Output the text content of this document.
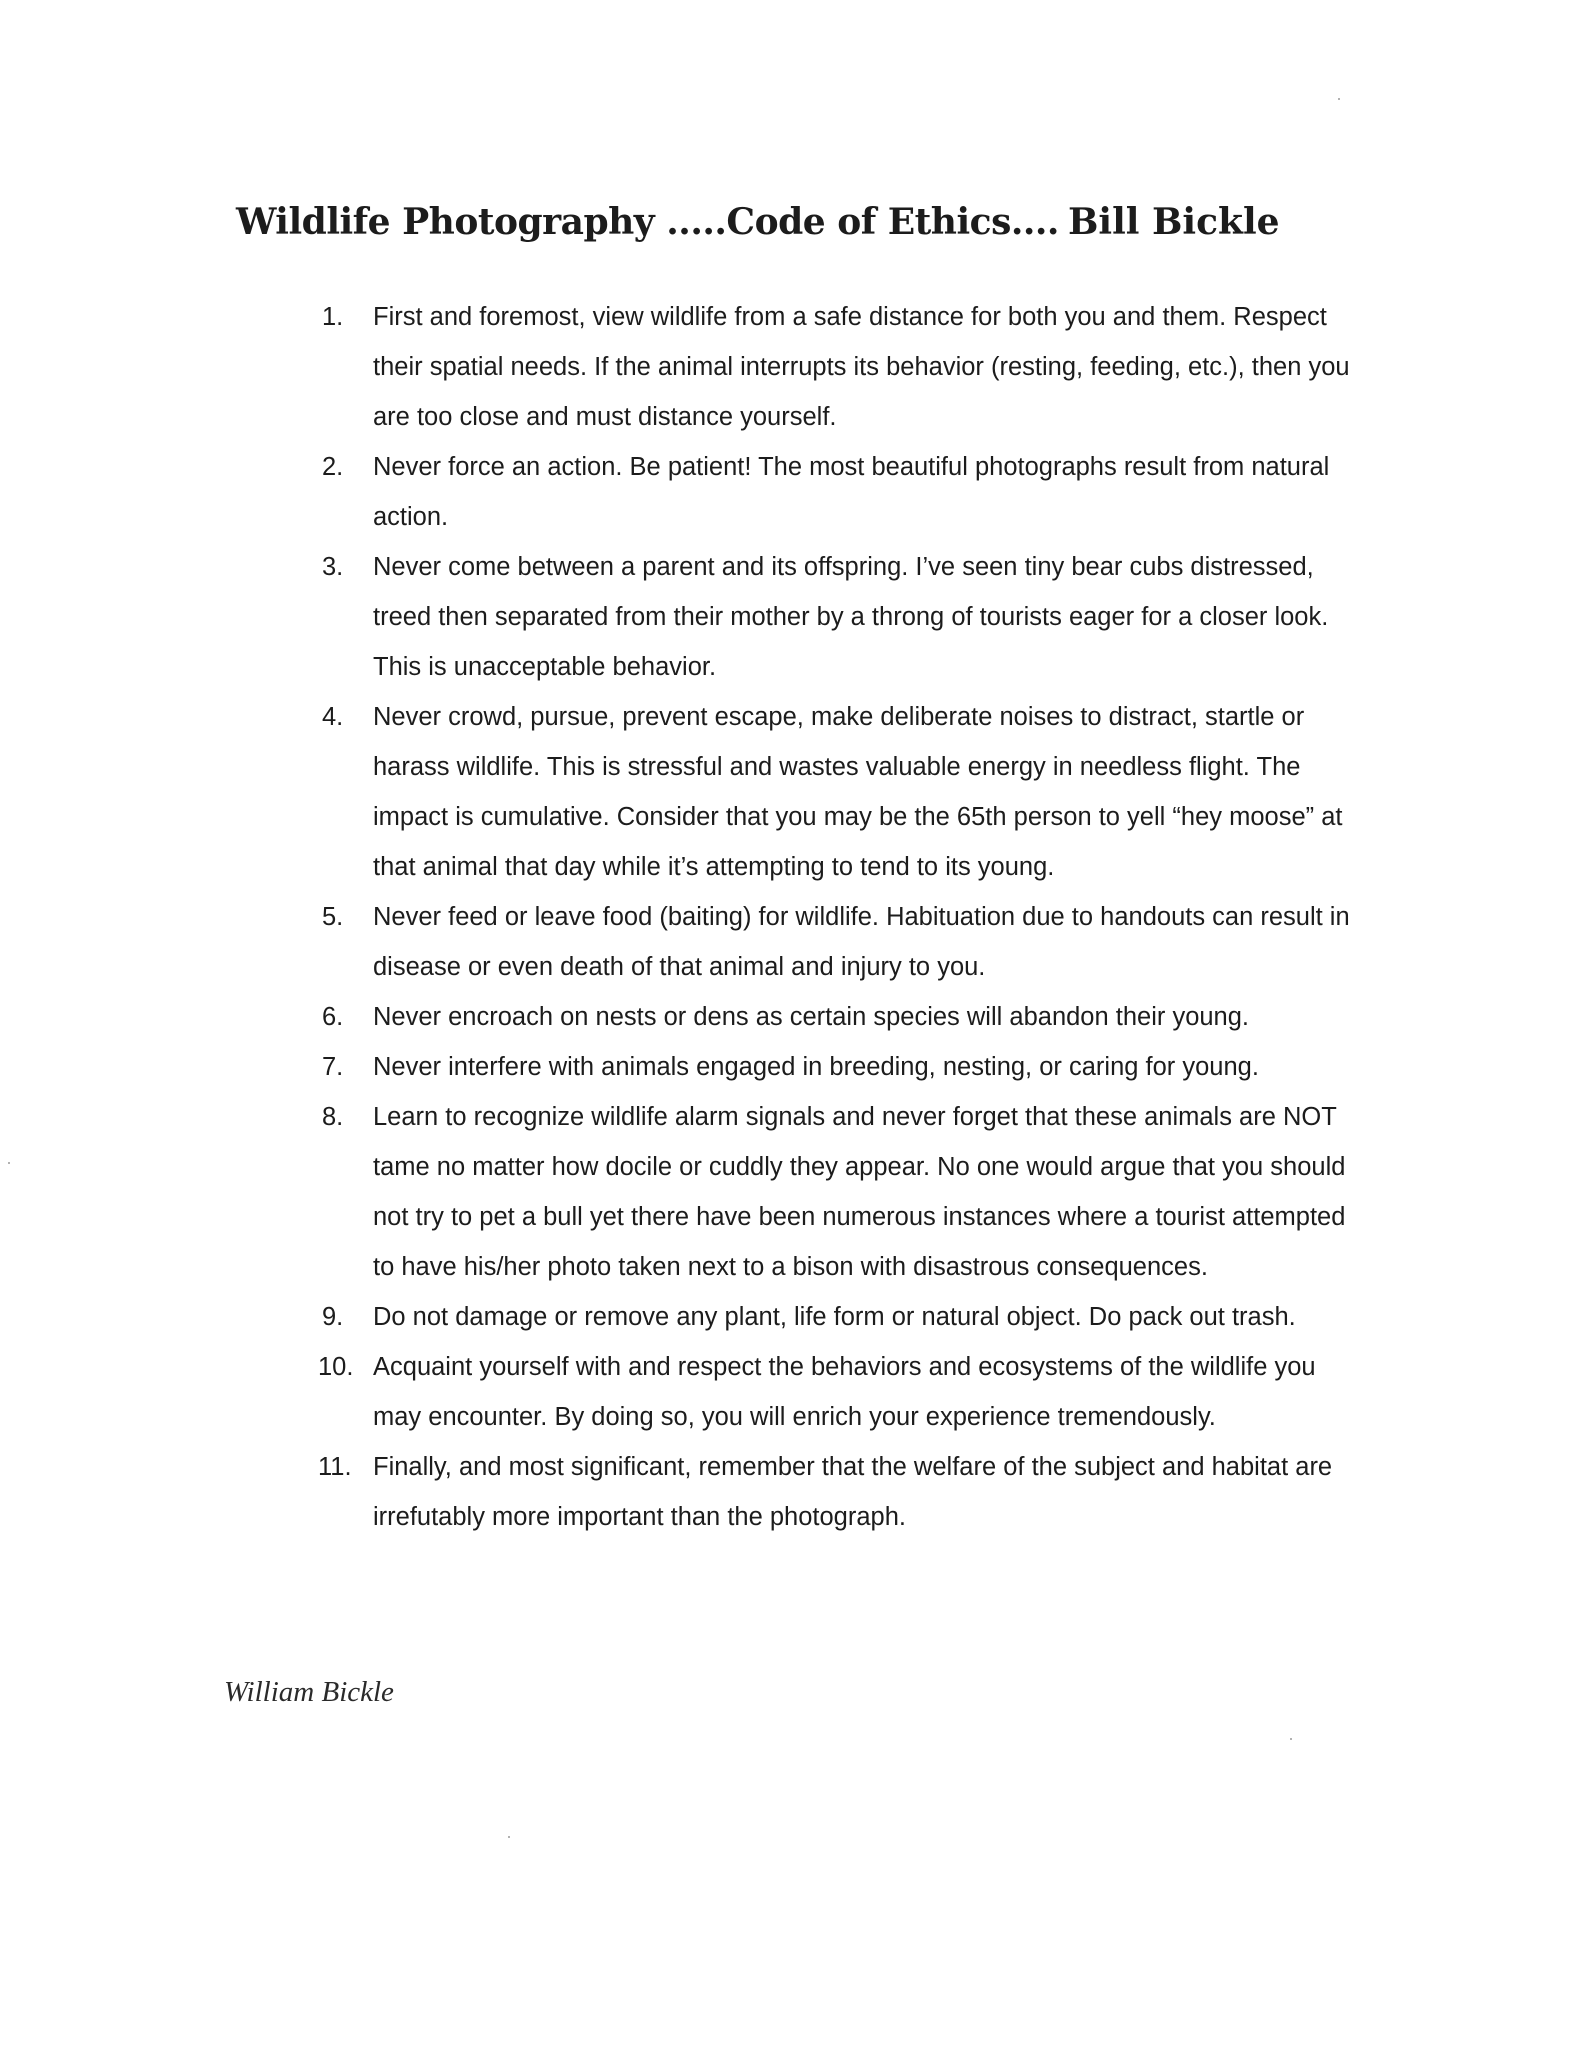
Wildlife Photography .....Code of Ethics.... Bill Bickle
1. First and foremost, view wildlife from a safe distance for both you and them. Respect their spatial needs. If the animal interrupts its behavior (resting, feeding, etc.), then you are too close and must distance yourself.
2. Never force an action. Be patient! The most beautiful photographs result from natural action.
3. Never come between a parent and its offspring. I’ve seen tiny bear cubs distressed, treed then separated from their mother by a throng of tourists eager for a closer look. This is unacceptable behavior.
4. Never crowd, pursue, prevent escape, make deliberate noises to distract, startle or harass wildlife. This is stressful and wastes valuable energy in needless flight. The impact is cumulative. Consider that you may be the 65th person to yell “hey moose” at that animal that day while it’s attempting to tend to its young.
5. Never feed or leave food (baiting) for wildlife. Habituation due to handouts can result in disease or even death of that animal and injury to you.
6. Never encroach on nests or dens as certain species will abandon their young.
7. Never interfere with animals engaged in breeding, nesting, or caring for young.
8. Learn to recognize wildlife alarm signals and never forget that these animals are NOT tame no matter how docile or cuddly they appear. No one would argue that you should not try to pet a bull yet there have been numerous instances where a tourist attempted to have his/her photo taken next to a bison with disastrous consequences.
9. Do not damage or remove any plant, life form or natural object. Do pack out trash.
10. Acquaint yourself with and respect the behaviors and ecosystems of the wildlife you may encounter. By doing so, you will enrich your experience tremendously.
11. Finally, and most significant, remember that the welfare of the subject and habitat are irrefutably more important than the photograph.
William Bickle
